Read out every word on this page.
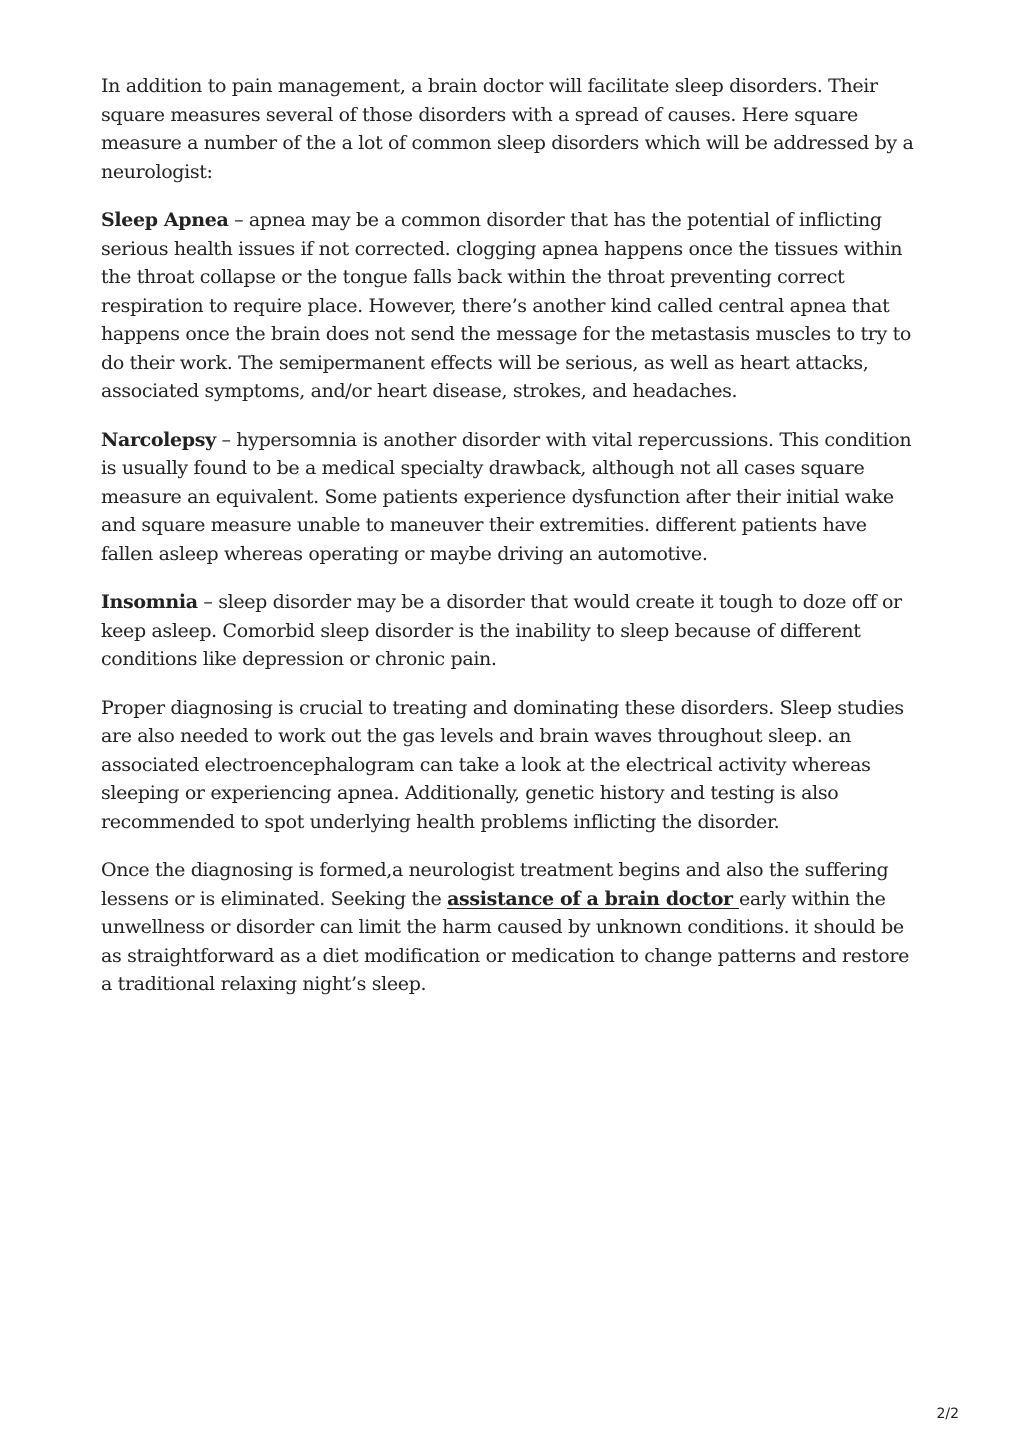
In addition to pain management, a brain doctor will facilitate sleep disorders. Their square measures several of those disorders with a spread of causes. Here square measure a number of the a lot of common sleep disorders which will be addressed by a neurologist:

Sleep Apnea – apnea may be a common disorder that has the potential of inflicting serious health issues if not corrected. clogging apnea happens once the tissues within the throat collapse or the tongue falls back within the throat preventing correct respiration to require place. However, there’s another kind called central apnea that happens once the brain does not send the message for the metastasis muscles to try to do their work. The semipermanent effects will be serious, as well as heart attacks, associated symptoms, and/or heart disease, strokes, and headaches.

Narcolepsy – hypersomnia is another disorder with vital repercussions. This condition is usually found to be a medical specialty drawback, although not all cases square measure an equivalent. Some patients experience dysfunction after their initial wake and square measure unable to maneuver their extremities. different patients have fallen asleep whereas operating or maybe driving an automotive.

Insomnia – sleep disorder may be a disorder that would create it tough to doze off or keep asleep. Comorbid sleep disorder is the inability to sleep because of different conditions like depression or chronic pain.

Proper diagnosing is crucial to treating and dominating these disorders. Sleep studies are also needed to work out the gas levels and brain waves throughout sleep. an associated electroencephalogram can take a look at the electrical activity whereas sleeping or experiencing apnea. Additionally, genetic history and testing is also recommended to spot underlying health problems inflicting the disorder.

Once the diagnosing is formed,a neurologist treatment begins and also the suffering lessens or is eliminated. Seeking the assistance of a brain doctor early within the unwellness or disorder can limit the harm caused by unknown conditions. it should be as straightforward as a diet modification or medication to change patterns and restore a traditional relaxing night’s sleep.

2/2
